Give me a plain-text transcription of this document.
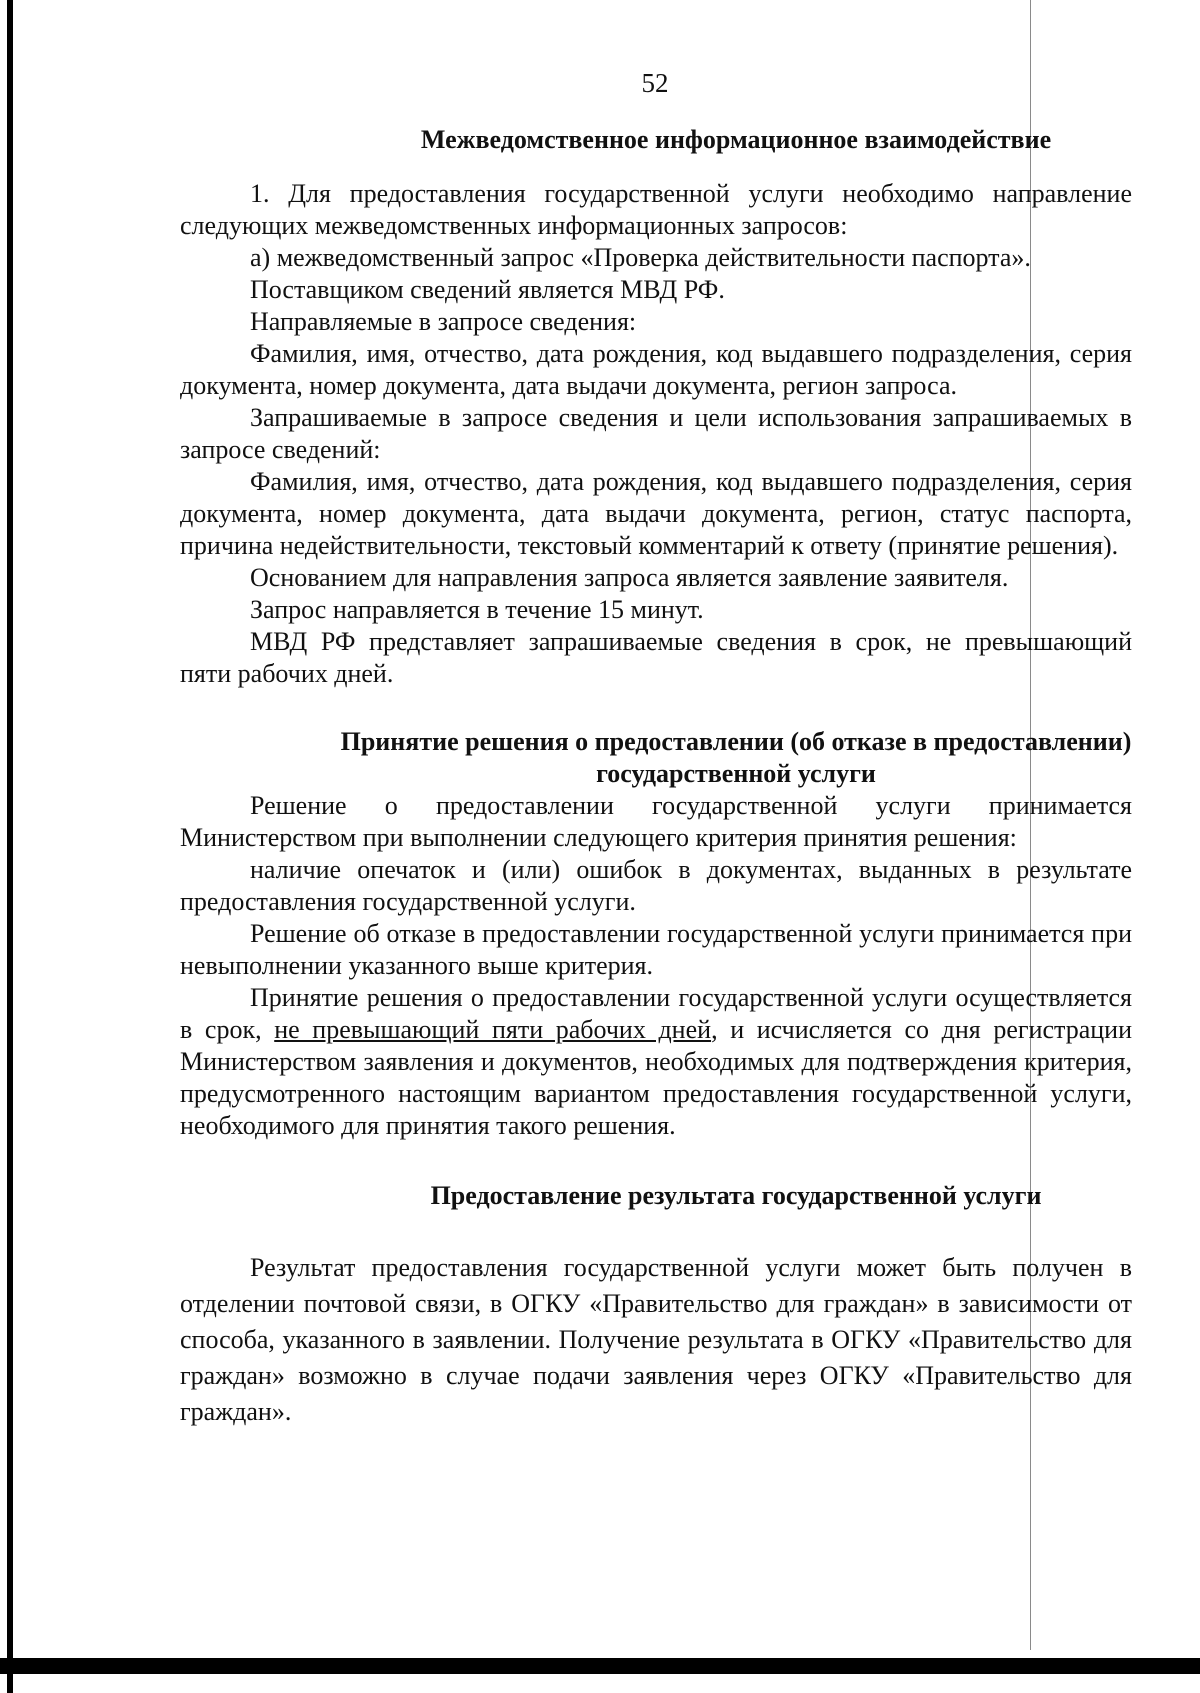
52
Межведомственное информационное взаимодействие

1. Для предоставления государственной услуги необходимо направление следующих межведомственных информационных запросов:

а) межведомственный запрос «Проверка действительности паспорта».

Поставщиком сведений является МВД РФ.

Направляемые в запросе сведения:

Фамилия, имя, отчество, дата рождения, код выдавшего подразделения, серия документа, номер документа, дата выдачи документа, регион запроса.

Запрашиваемые в запросе сведения и цели использования запрашиваемых в запросе сведений:

Фамилия, имя, отчество, дата рождения, код выдавшего подразделения, серия документа, номер документа, дата выдачи документа, регион, статус паспорта, причина недействительности, текстовый комментарий к ответу (принятие решения).

Основанием для направления запроса является заявление заявителя.

Запрос направляется в течение 15 минут.

МВД РФ представляет запрашиваемые сведения в срок, не превышающий пяти рабочих дней.

Принятие решения о предоставлении (об отказе в предоставлении)
государственной услуги

Решение о предоставлении государственной услуги принимается Министерством при выполнении следующего критерия принятия решения:

наличие опечаток и (или) ошибок в документах, выданных в результате предоставления государственной услуги.

Решение об отказе в предоставлении государственной услуги принимается при невыполнении указанного выше критерия.

Принятие решения о предоставлении государственной услуги осуществляется в срок, не превышающий пяти рабочих дней, и исчисляется со дня регистрации Министерством заявления и документов, необходимых для подтверждения критерия, предусмотренного настоящим вариантом предоставления государственной услуги, необходимого для принятия такого решения.

Предоставление результата государственной услуги

Результат предоставления государственной услуги может быть получен в отделении почтовой связи, в ОГКУ «Правительство для граждан» в зависимости от способа, указанного в заявлении. Получение результата в ОГКУ «Правительство для граждан» возможно в случае подачи заявления через ОГКУ «Правительство для граждан».
